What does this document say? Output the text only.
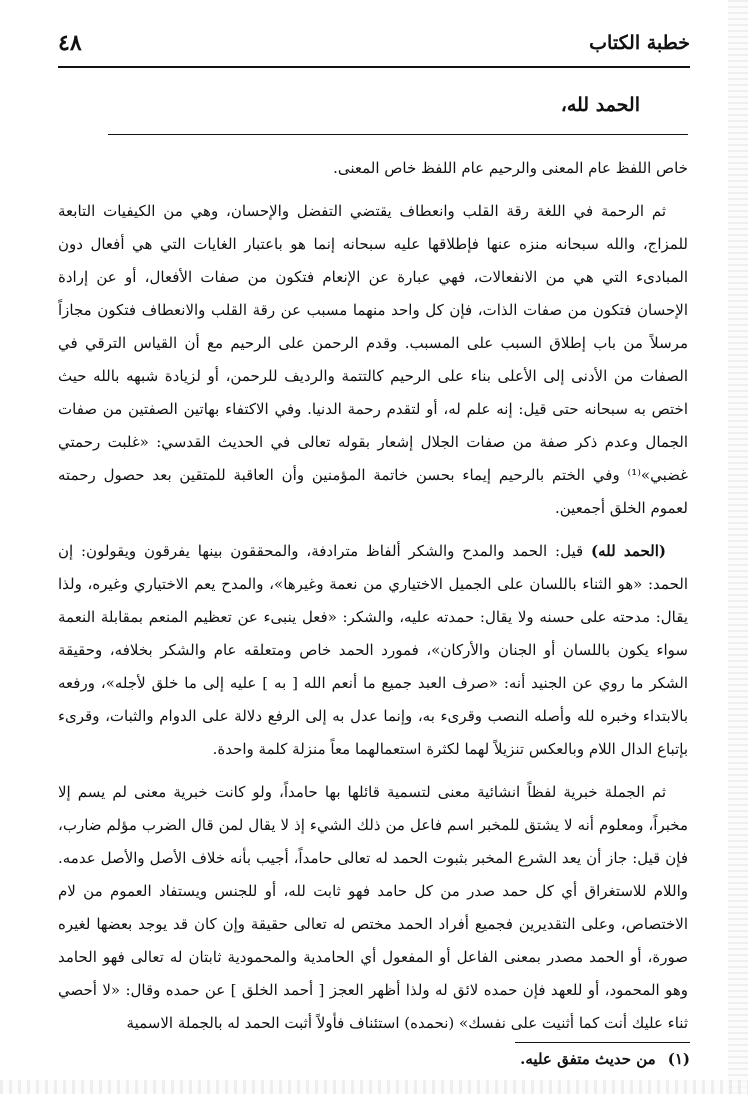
خطبة الكتاب
٤٨
الحمد لله،

خاص اللفظ عام المعنى والرحيم عام اللفظ خاص المعنى.

ثم الرحمة في اللغة رقة القلب وانعطاف يقتضي التفضل والإحسان، وهي من الكيفيات التابعة للمزاج، والله سبحانه منزه عنها فإطلاقها عليه سبحانه إنما هو باعتبار الغايات التي هي أفعال دون المبادىء التي هي من الانفعالات، فهي عبارة عن الإنعام فتكون من صفات الأفعال، أو عن إرادة الإحسان فتكون من صفات الذات، فإن كل واحد منهما مسبب عن رقة القلب والانعطاف فتكون مجازاً مرسلاً من باب إطلاق السبب على المسبب. وقدم الرحمن على الرحيم مع أن القياس الترقي في الصفات من الأدنى إلى الأعلى بناء على الرحيم كالتتمة والرديف للرحمن، أو لزيادة شبهه بالله حيث اختص به سبحانه حتى قيل: إنه علم له، أو لتقدم رحمة الدنيا. وفي الاكتفاء بهاتين الصفتين من صفات الجمال وعدم ذكر صفة من صفات الجلال إشعار بقوله تعالى في الحديث القدسي: «غلبت رحمتي غضبي»⁽¹⁾ وفي الختم بالرحيم إيماء بحسن خاتمة المؤمنين وأن العاقبة للمتقين بعد حصول رحمته لعموم الخلق أجمعين.

(الحمد لله) قيل: الحمد والمدح والشكر ألفاظ مترادفة، والمحققون بينها يفرقون ويقولون: إن الحمد: «هو الثناء باللسان على الجميل الاختياري من نعمة وغيرها»، والمدح يعم الاختياري وغيره، ولذا يقال: مدحته على حسنه ولا يقال: حمدته عليه، والشكر: «فعل ينبىء عن تعظيم المنعم بمقابلة النعمة سواء يكون باللسان أو الجنان والأركان»، فمورد الحمد خاص ومتعلقه عام والشكر بخلافه، وحقيقة الشكر ما روي عن الجنيد أنه: «صرف العبد جميع ما أنعم الله [ به ] عليه إلى ما خلق لأجله»، ورفعه بالابتداء وخبره لله وأصله النصب وقرىء به، وإنما عدل به إلى الرفع دلالة على الدوام والثبات، وقرىء بإتباع الدال اللام وبالعكس تنزيلاً لهما لكثرة استعمالهما معاً منزلة كلمة واحدة.

ثم الجملة خبرية لفظاً انشائية معنى لتسمية قائلها بها حامداً، ولو كانت خبرية معنى لم يسم إلا مخبراً، ومعلوم أنه لا يشتق للمخبر اسم فاعل من ذلك الشيء إذ لا يقال لمن قال الضرب مؤلم ضارب، فإن قيل: جاز أن يعد الشرع المخبر بثبوت الحمد له تعالى حامداً، أجيب بأنه خلاف الأصل والأصل عدمه. واللام للاستغراق أي كل حمد صدر من كل حامد فهو ثابت لله، أو للجنس ويستفاد العموم من لام الاختصاص، وعلى التقديرين فجميع أفراد الحمد مختص له تعالى حقيقة وإن كان قد يوجد بعضها لغيره صورة، أو الحمد مصدر بمعنى الفاعل أو المفعول أي الحامدية والمحمودية ثابتان له تعالى فهو الحامد وهو المحمود، أو للعهد فإن حمده لائق له ولذا أظهر العجز [ أحمد الخلق ] عن حمده وقال: «لا أحصي ثناء عليك أنت كما أثنيت على نفسك» (نحمده) استئناف فأولاً أثبت الحمد له بالجملة الاسمية

(١)من حديث متفق عليه.
